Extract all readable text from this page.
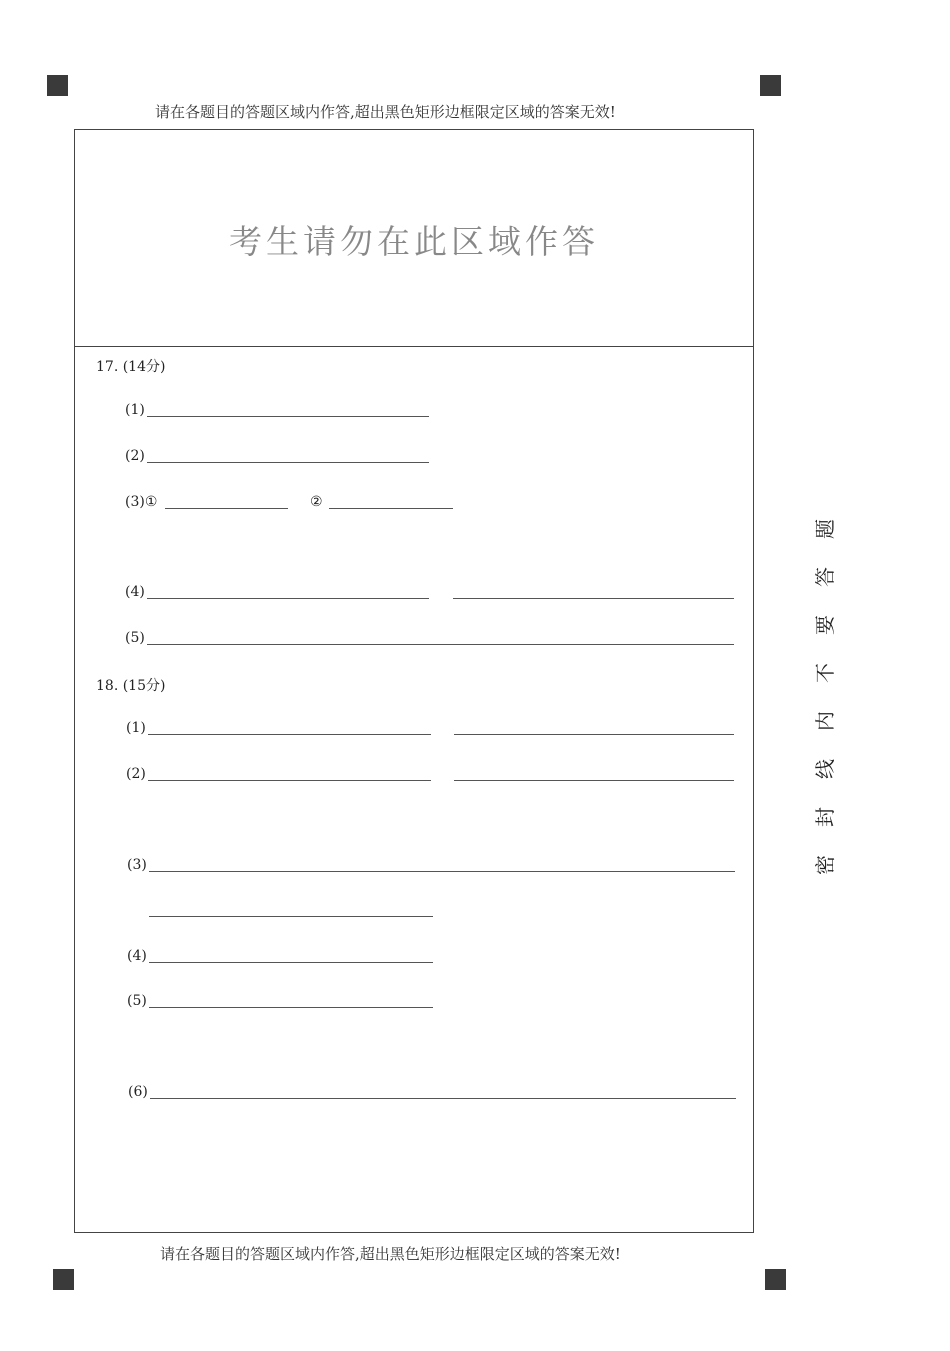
请在各题目的答题区域内作答,超出黑色矩形边框限定区域的答案无效!
考生请勿在此区域作答
17. (14分)
(1)
(2)
(3)①	②
(4)
(5)
18. (15分)
(1)
(2)
(3)
(4)
(5)
(6)
请在各题目的答题区域内作答,超出黑色矩形边框限定区域的答案无效!
题
答
要
不
内
线
封
密
